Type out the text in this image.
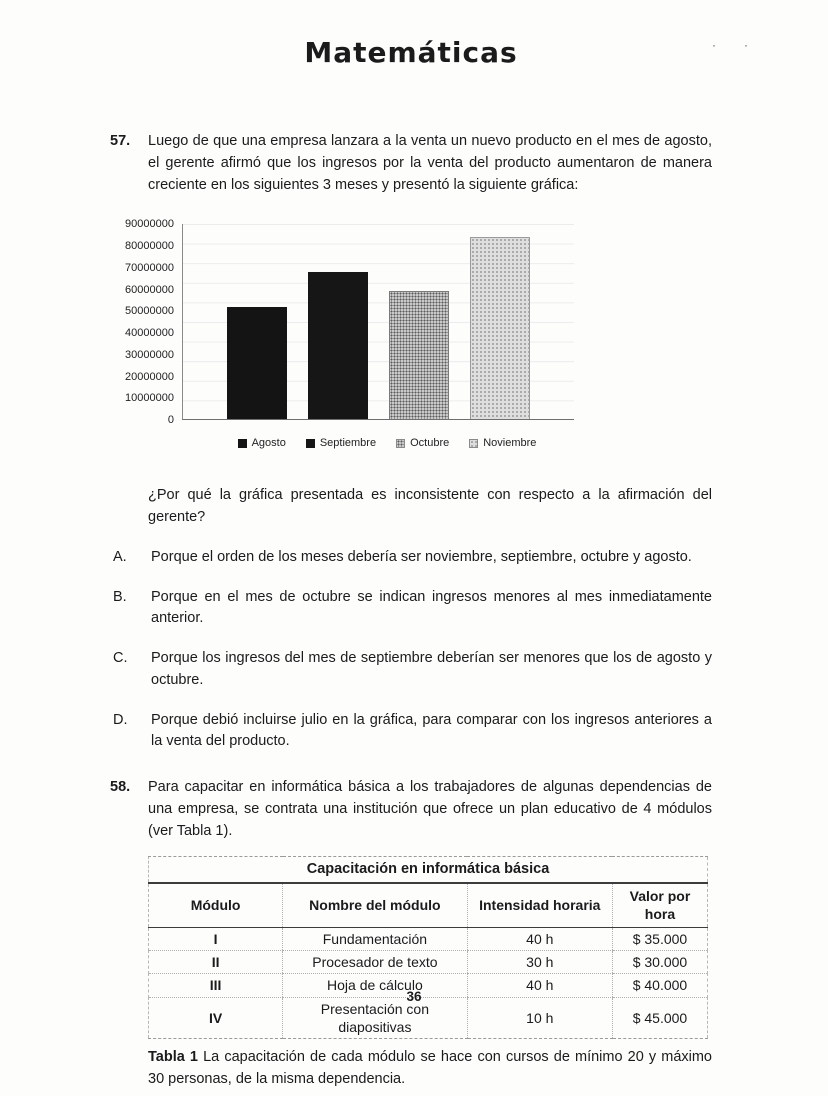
··
Matemáticas
57.	Luego de que una empresa lanzara a la venta un nuevo producto en el mes de agosto, el gerente afirmó que los ingresos por la venta del producto aumentaron de manera creciente en los siguientes 3 meses y presentó la siguiente gráfica:
90000000
80000000
70000000
60000000
50000000
40000000
30000000
20000000
10000000
0
Agosto	Septiembre	Octubre	Noviembre
¿Por qué la gráfica presentada es inconsistente con respecto a la afirmación del gerente?
A.	Porque el orden de los meses debería ser noviembre, septiembre, octubre y agosto.
B.	Porque en el mes de octubre se indican ingresos menores al mes inmediatamente anterior.
C.	Porque los ingresos del mes de septiembre deberían ser menores que los de agosto y octubre.
D.	Porque debió incluirse julio en la gráfica, para comparar con los ingresos anteriores a la venta del producto.
58.	Para capacitar en informática básica a los trabajadores de algunas dependencias de una empresa, se contrata una institución que ofrece un plan educativo de 4 módulos (ver Tabla 1).
Capacitación en informática básica			
Módulo	Nombre del módulo	Intensidad horaria	Valor por hora
I	Fundamentación	40 h	$ 35.000
II	Procesador de texto	30 h	$ 30.000
III	Hoja de cálculo	40 h	$ 40.000
IV	Presentación con diapositivas	10 h	$ 45.000
Tabla 1 La capacitación de cada módulo se hace con cursos de mínimo 20 y máximo 30 personas, de la misma dependencia.
36
